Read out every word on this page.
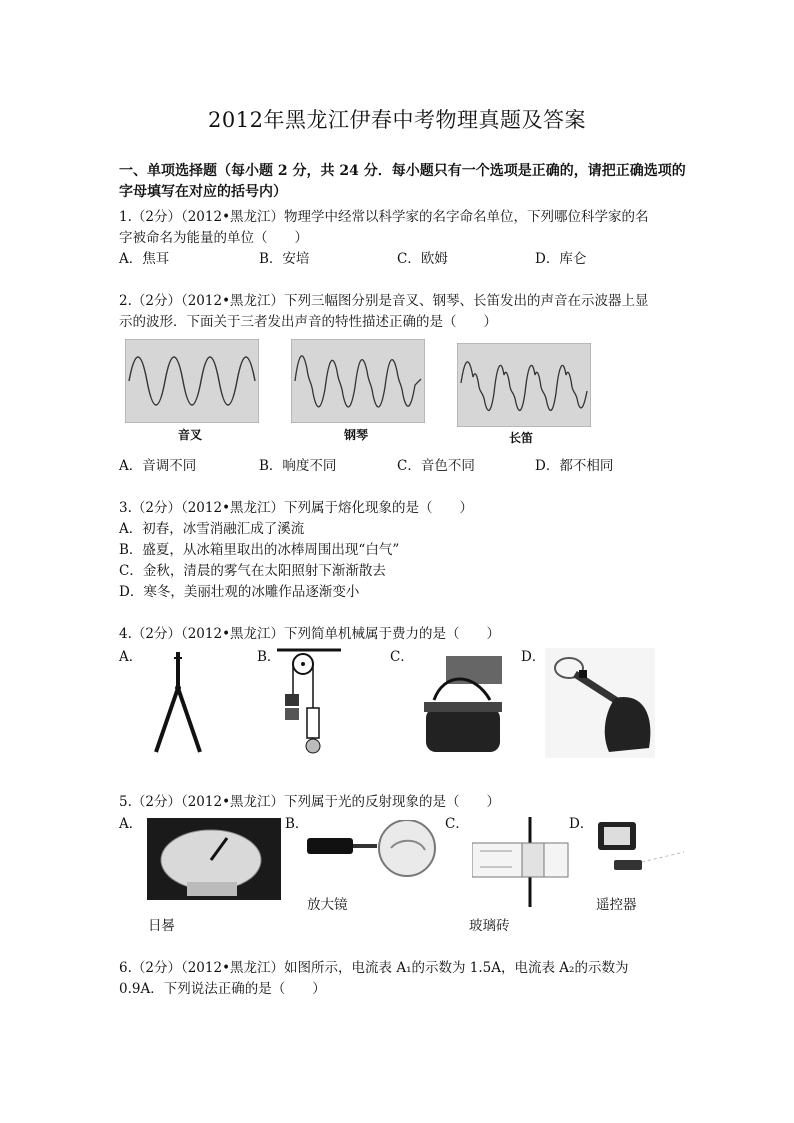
2012年黑龙江伊春中考物理真题及答案
一、单项选择题（每小题 2 分，共 24 分．每小题只有一个选项是正确的，请把正确选项的
字母填写在对应的括号内）
1.（2分）（2012•黑龙江）物理学中经常以科学家的名字命名单位，下列哪位科学家的名
字被命名为能量的单位（　　）
A．焦耳	B．安培	C．欧姆	D．库仑
2.（2分）（2012•黑龙江）下列三幅图分别是音叉、钢琴、长笛发出的声音在示波器上显
示的波形．下面关于三者发出声音的特性描述正确的是（　　）
音叉	钢琴	长笛
A．音调不同	B．响度不同	C．音色不同	D．都不相同
3.（2分）（2012•黑龙江）下列属于熔化现象的是（　　）
A．初春，冰雪消融汇成了溪流
B．盛夏，从冰箱里取出的冰棒周围出现“白气”
C．金秋，清晨的雾气在太阳照射下渐渐散去
D．寒冬，美丽壮观的冰雕作品逐渐变小
4.（2分）（2012•黑龙江）下列简单机械属于费力的是（　　）
A．	B．	C．	D．
5.（2分）（2012•黑龙江）下列属于光的反射现象的是（　　）
A．	B．	C．	D．
日晷
放大镜
玻璃砖
遥控器
6.（2分）（2012•黑龙江）如图所示，电流表 A₁的示数为 1.5A，电流表 A₂的示数为
0.9A．下列说法正确的是（　　）
